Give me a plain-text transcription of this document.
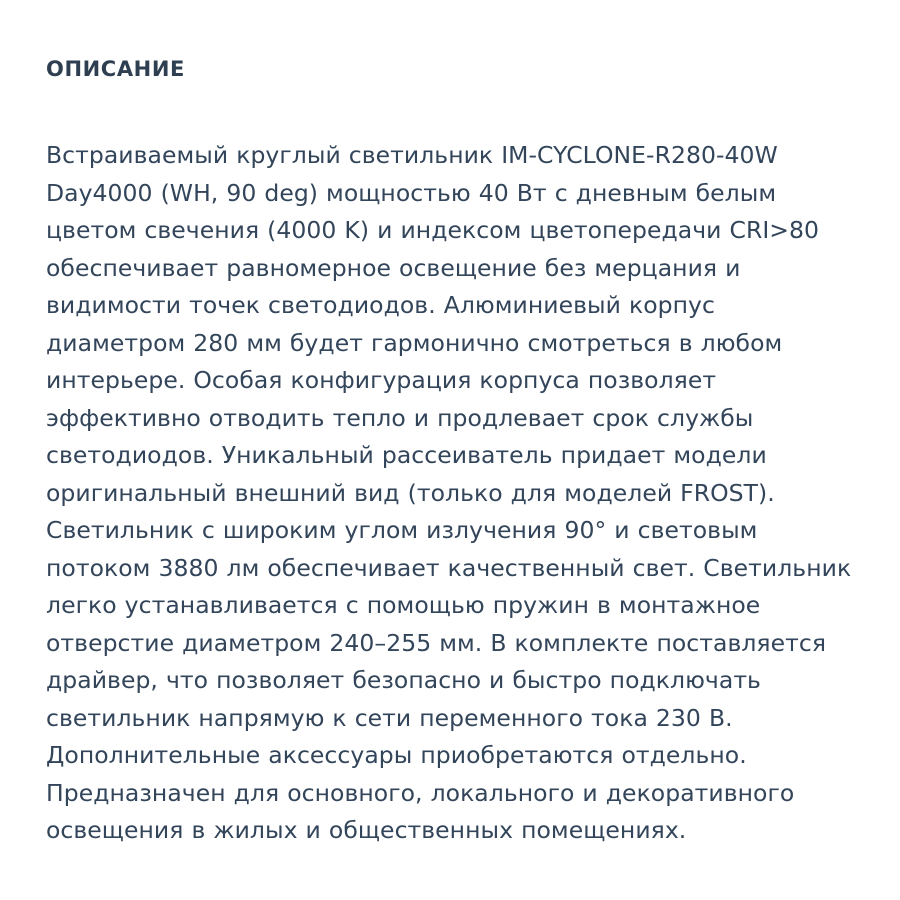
ОПИСАНИЕ

Встраиваемый круглый светильник IM-CYCLONE-R280-40W Day4000 (WH, 90 deg) мощностью 40 Вт с дневным белым цветом свечения (4000 K) и индексом цветопередачи CRI>80 обеспечивает равномерное освещение без мерцания и видимости точек светодиодов. Алюминиевый корпус диаметром 280 мм будет гармонично смотреться в любом интерьере. Особая конфигурация корпуса позволяет эффективно отводить тепло и продлевает срок службы светодиодов. Уникальный рассеиватель придает модели оригинальный внешний вид (только для моделей FROST). Светильник с широким углом излучения 90° и световым потоком 3880 лм обеспечивает качественный свет. Светильник легко устанавливается с помощью пружин в монтажное отверстие диаметром 240–255 мм. В комплекте поставляется драйвер, что позволяет безопасно и быстро подключать светильник напрямую к сети переменного тока 230 В. Дополнительные аксессуары приобретаются отдельно. Предназначен для основного, локального и декоративного освещения в жилых и общественных помещениях.
